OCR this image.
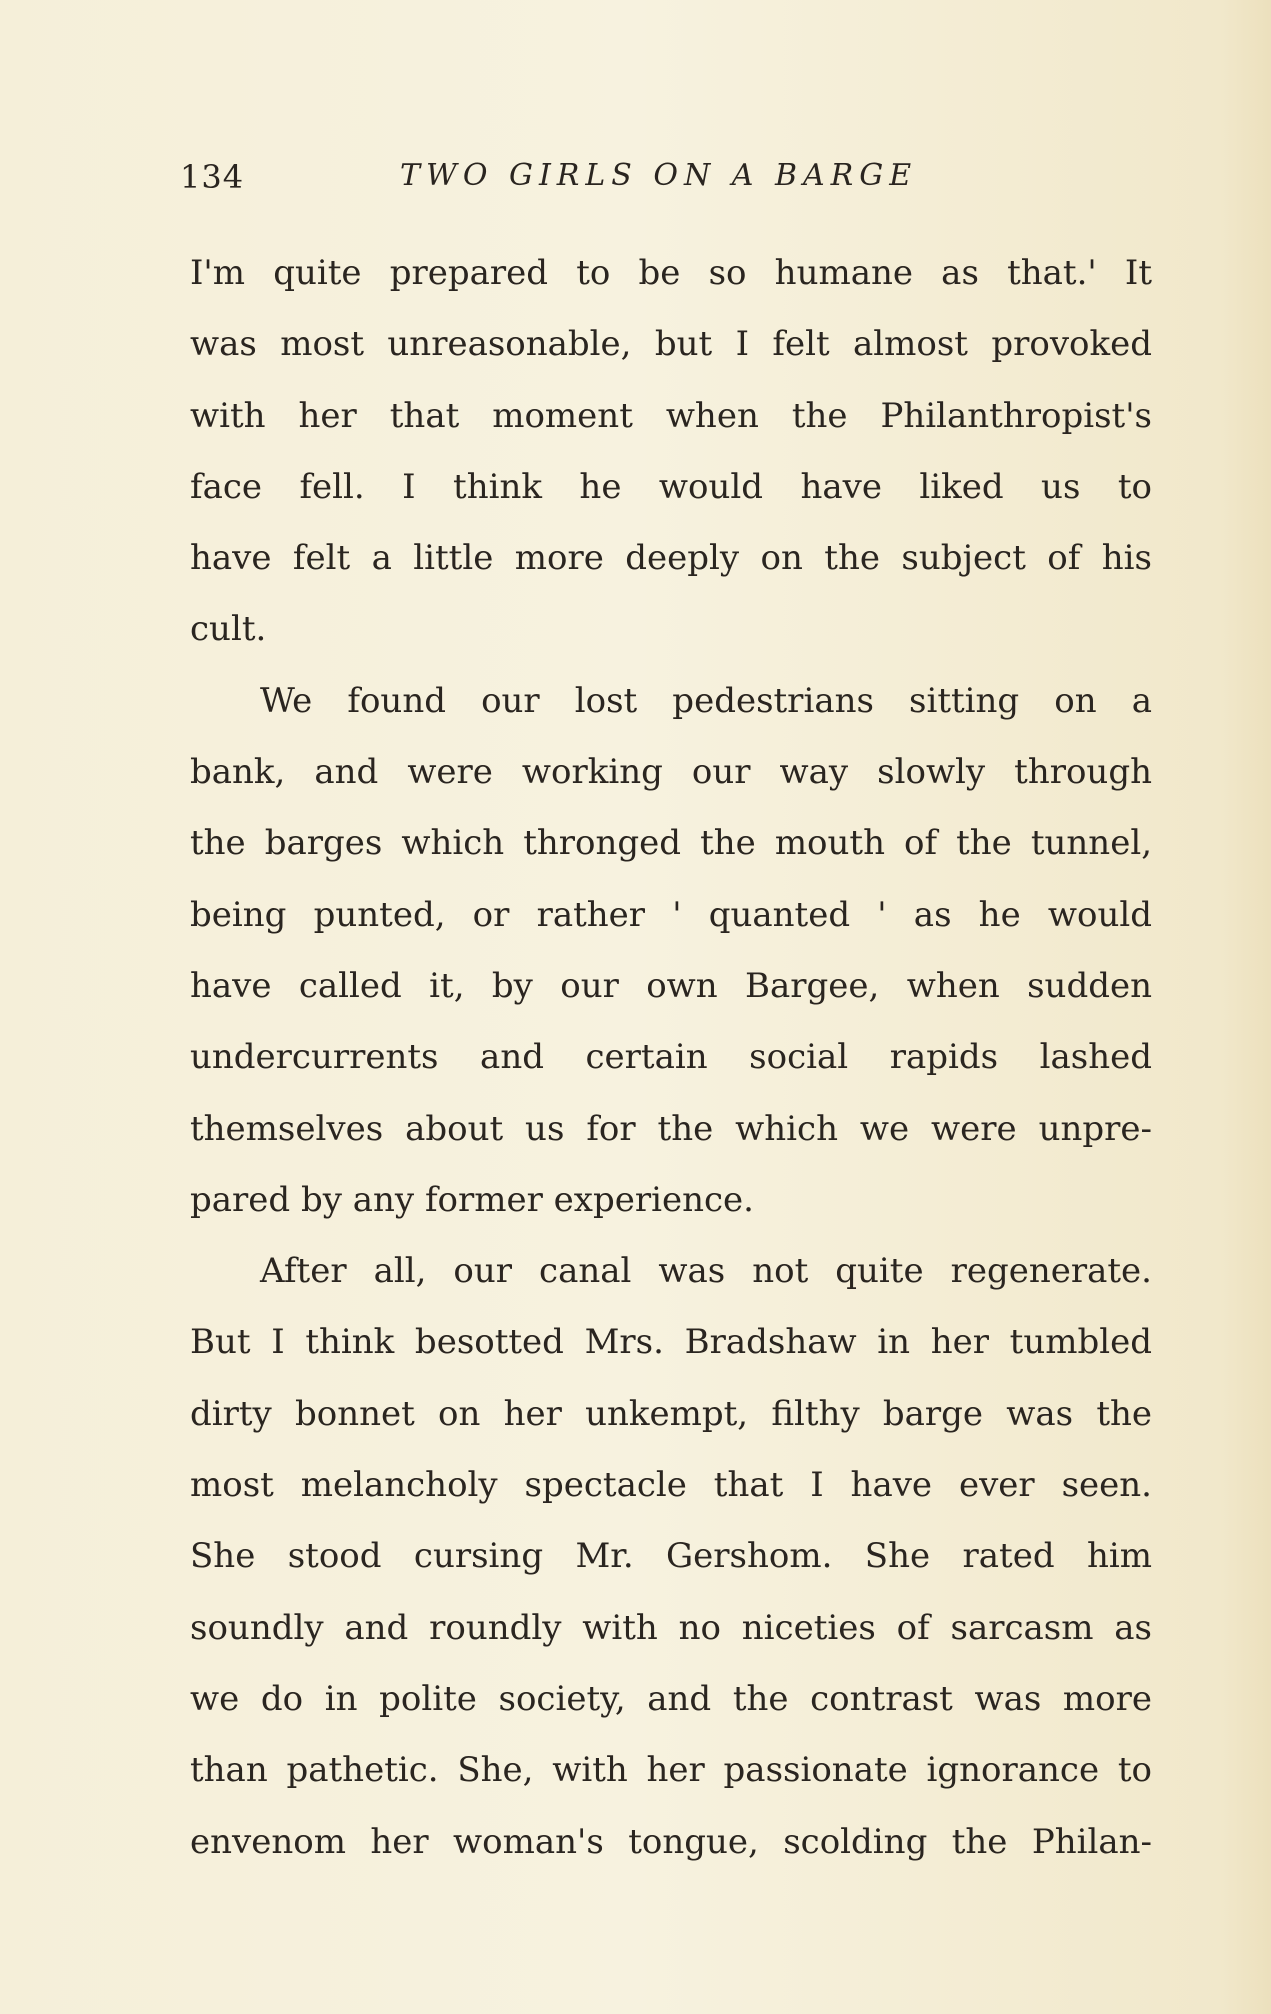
134	TWO GIRLS ON A BARGE
I'm quite prepared to be so humane as that.' It
was most unreasonable, but I felt almost provoked
with her that moment when the Philanthropist's
face fell. I think he would have liked us to
have felt a little more deeply on the subject of his
cult.
We found our lost pedestrians sitting on a
bank, and were working our way slowly through
the barges which thronged the mouth of the tunnel,
being punted, or rather ' quanted ' as he would
have called it, by our own Bargee, when sudden
undercurrents and certain social rapids lashed
themselves about us for the which we were unpre-
pared by any former experience.
After all, our canal was not quite regenerate.
But I think besotted Mrs. Bradshaw in her tumbled
dirty bonnet on her unkempt, filthy barge was the
most melancholy spectacle that I have ever seen.
She stood cursing Mr. Gershom. She rated him
soundly and roundly with no niceties of sarcasm as
we do in polite society, and the contrast was more
than pathetic. She, with her passionate ignorance to
envenom her woman's tongue, scolding the Philan-
